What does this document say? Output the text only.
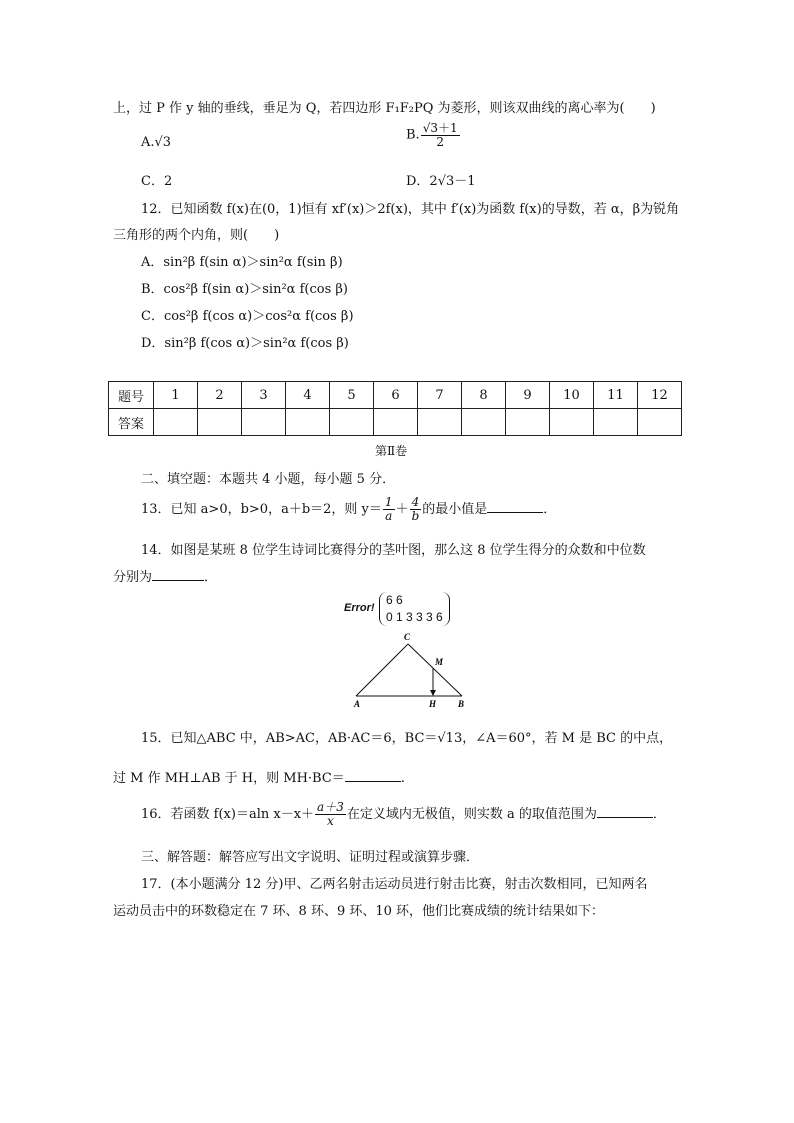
上，过 P 作 y 轴的垂线，垂足为 Q，若四边形 F₁F₂PQ 为菱形，则该双曲线的离心率为(　　)
A.√3	B. $\frac{√3+1}{2}$
C．2	D．2√3－1
12．已知函数 f(x)在(0，1)恒有 xf′(x)＞2f(x)，其中 f′(x)为函数 f(x)的导数，若 α，β为锐角
三角形的两个内角，则(　　)
A．sin²β f(sin α)＞sin²α f(sin β)
B．cos²β f(sin α)＞sin²α f(cos β)
C．cos²β f(cos α)＞cos²α f(cos β)
D．sin²β f(cos α)＞sin²α f(cos β)
题号	1	2	3	4	5	6	7	8	9	10	11	12
答案												
第Ⅱ卷
二、填空题：本题共 4 小题，每小题 5 分．
13．已知 a>0，b>0，a＋b＝2，则 $y= \frac{1}{a} + \frac{4}{b}$ 的最小值是	．
14．如图是某班 8 位学生诗词比赛得分的茎叶图，那么这 8 位学生得分的众数和中位数
分别为	．
Error!
6 6
0 1 3 3 3 6
C
M
A	H B
15．已知△ABC 中，AB>AC，AB·AC＝6，BC＝√13，∠A＝60°，若 M 是 BC 的中点，
过 M 作 MH⊥AB 于 H，则 MH·BC＝	.
16．若函数 f(x)＝aln $x-x+ \frac{a+3}{x}$ 在定义域内无极值，则实数 a 的取值范围为	．
三、解答题：解答应写出文字说明、证明过程或演算步骤．
17．(本小题满分 12 分)甲、乙两名射击运动员进行射击比赛，射击次数相同，已知两名
运动员击中的环数稳定在 7 环、8 环、9 环、10 环，他们比赛成绩的统计结果如下：
